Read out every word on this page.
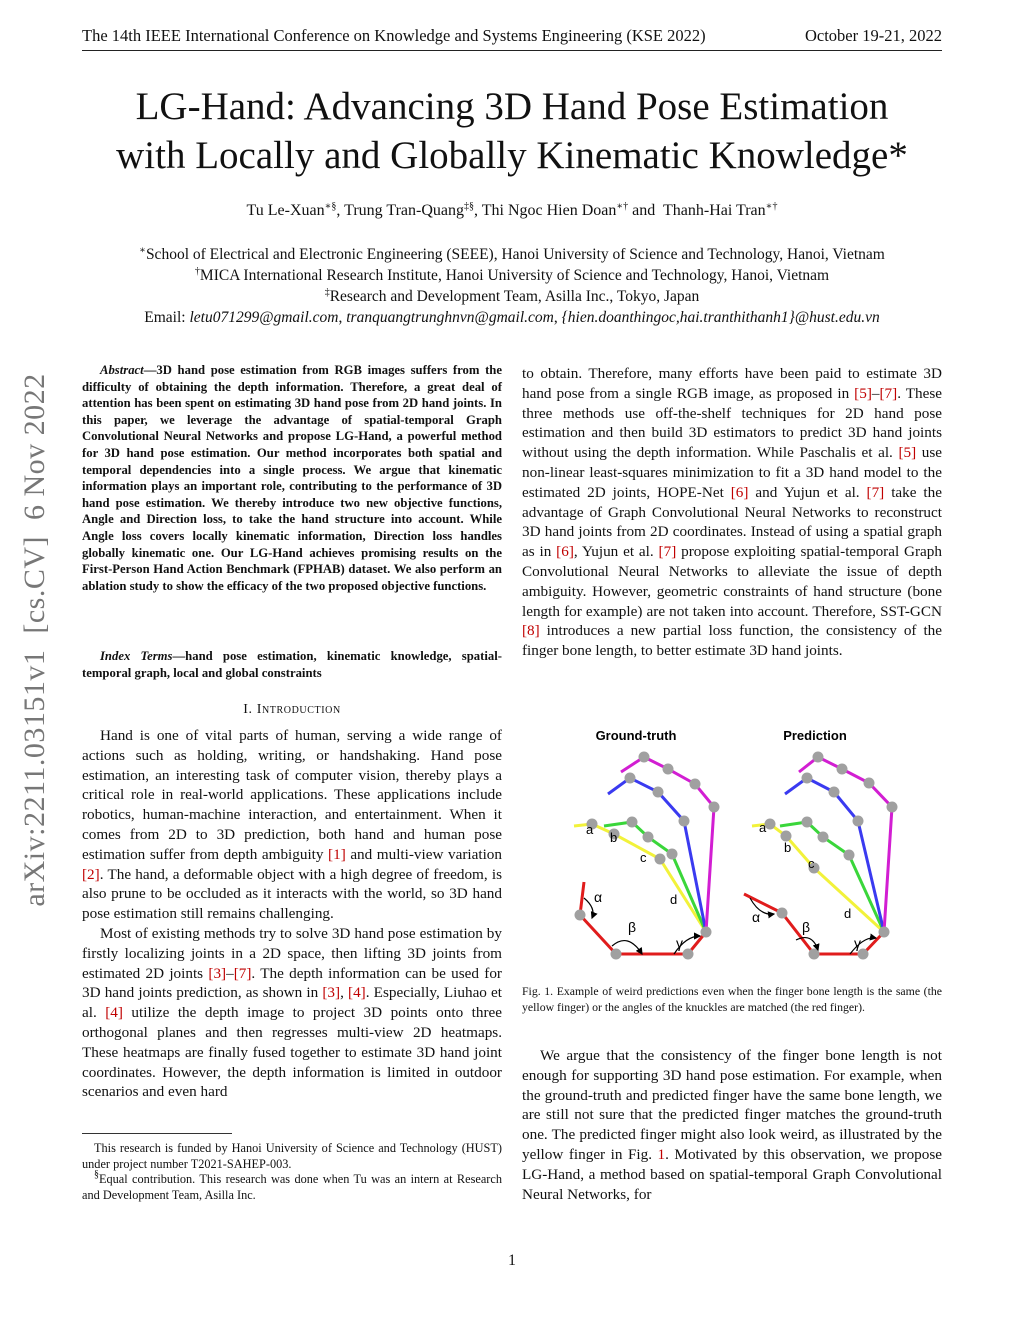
The 14th IEEE International Conference on Knowledge and Systems Engineering (KSE 2022)	October 19-21, 2022
LG-Hand: Advancing 3D Hand Pose Estimation
with Locally and Globally Kinematic Knowledge*
Tu Le-Xuan∗§, Trung Tran-Quang‡§, Thi Ngoc Hien Doan∗† and  Thanh-Hai Tran∗†
∗School of Electrical and Electronic Engineering (SEEE), Hanoi University of Science and Technology, Hanoi, Vietnam
†MICA International Research Institute, Hanoi University of Science and Technology, Hanoi, Vietnam
‡Research and Development Team, Asilla Inc., Tokyo, Japan
Email: letu071299@gmail.com, tranquangtrunghnvn@gmail.com, {hien.doanthingoc,hai.tranthithanh1}@hust.edu.vn
arXiv:2211.03151v1  [cs.CV]  6 Nov 2022
Abstract—3D hand pose estimation from RGB images suffers from the difficulty of obtaining the depth information. Therefore, a great deal of attention has been spent on estimating 3D hand pose from 2D hand joints. In this paper, we leverage the advantage of spatial-temporal Graph Convolutional Neural Networks and propose LG-Hand, a powerful method for 3D hand pose estimation. Our method incorporates both spatial and temporal dependencies into a single process. We argue that kinematic information plays an important role, contributing to the performance of 3D hand pose estimation. We thereby introduce two new objective functions, Angle and Direction loss, to take the hand structure into account. While Angle loss covers locally kinematic information, Direction loss handles globally kinematic one. Our LG-Hand achieves promising results on the First-Person Hand Action Benchmark (FPHAB) dataset. We also perform an ablation study to show the efficacy of the two proposed objective functions.
Index Terms—hand pose estimation, kinematic knowledge, spatial-temporal graph, local and global constraints
I. Introduction

Hand is one of vital parts of human, serving a wide range of actions such as holding, writing, or handshaking. Hand pose estimation, an interesting task of computer vision, thereby plays a critical role in real-world applications. These applications include robotics, human-machine interaction, and entertainment. When it comes from 2D to 3D prediction, both hand and human pose estimation suffer from depth ambiguity [1] and multi-view variation [2]. The hand, a deformable object with a high degree of freedom, is also prune to be occluded as it interacts with the world, so 3D hand pose estimation still remains challenging.

Most of existing methods try to solve 3D hand pose estimation by firstly localizing joints in a 2D space, then lifting 3D joints from estimated 2D joints [3]–[7]. The depth information can be used for 3D hand joints prediction, as shown in [3], [4]. Especially, Liuhao et al. [4] utilize the depth image to project 3D points onto three orthogonal planes and then regresses multi-view 2D heatmaps. These heatmaps are finally fused together to estimate 3D hand joint coordinates. However, the depth information is limited in outdoor scenarios and even hard

This research is funded by Hanoi University of Science and Technology (HUST) under project number T2021-SAHEP-003.

§Equal contribution. This research was done when Tu was an intern at Research and Development Team, Asilla Inc.

to obtain. Therefore, many efforts have been paid to estimate 3D hand pose from a single RGB image, as proposed in [5]–[7]. These three methods use off-the-shelf techniques for 2D hand pose estimation and then build 3D estimators to predict 3D hand joints without using the depth information. While Paschalis et al. [5] use non-linear least-squares minimization to fit a 3D hand model to the estimated 2D joints, HOPE-Net [6] and Yujun et al. [7] take the advantage of Graph Convolutional Neural Networks to reconstruct 3D hand joints from 2D coordinates. Instead of using a spatial graph as in [6], Yujun et al. [7] propose exploiting spatial-temporal Graph Convolutional Neural Networks to alleviate the issue of depth ambiguity. However, geometric constraints of hand structure (bone length for example) are not taken into account. Therefore, SST-GCN [8] introduces a new partial loss function, the consistency of the finger bone length, to better estimate 3D hand joints.

Ground-truth	Prediction
a
b
c
d
α
β
γ
a
b
c
d
α
β
γ
Fig. 1. Example of weird predictions even when the finger bone length is the same (the yellow finger) or the angles of the knuckles are matched (the red finger).

We argue that the consistency of the finger bone length is not enough for supporting 3D hand pose estimation. For example, when the ground-truth and predicted finger have the same bone length, we are still not sure that the predicted finger matches the ground-truth one. The predicted finger might also look weird, as illustrated by the yellow finger in Fig. 1. Motivated by this observation, we propose LG-Hand, a method based on spatial-temporal Graph Convolutional Neural Networks, for

1
